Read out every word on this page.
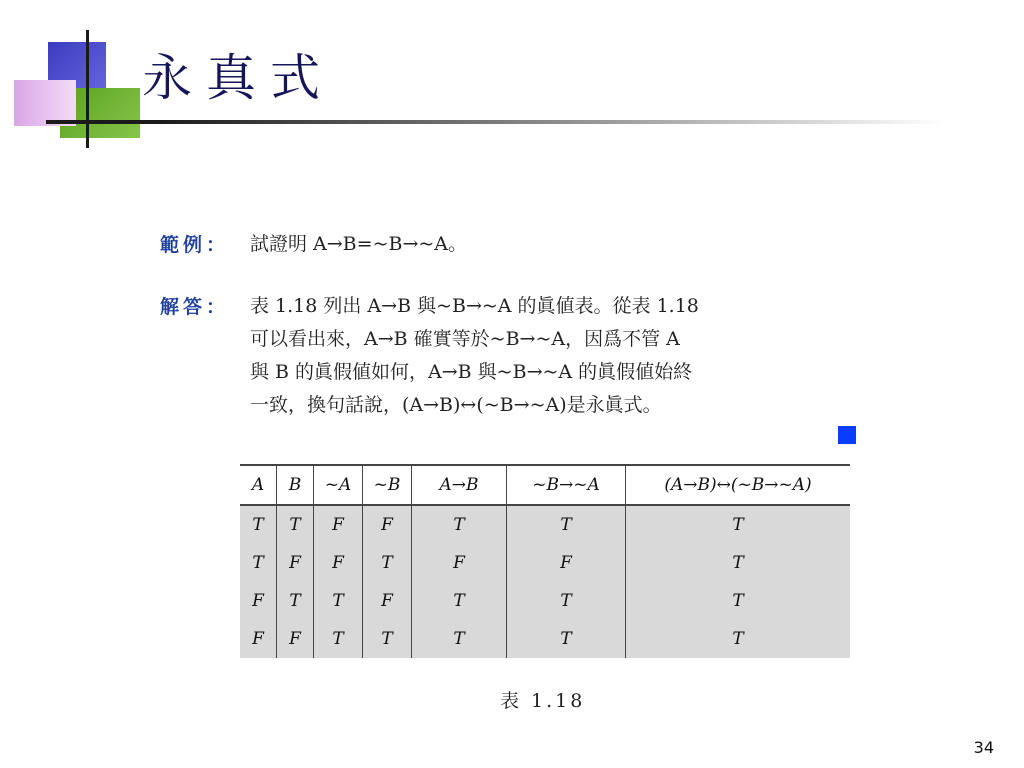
永真式
範例： 試證明 A→B=~B→~A。
解答： 表 1.18 列出 A→B 與~B→~A 的眞値表。從表 1.18
可以看出來，A→B 確實等於~B→~A，因爲不管 A
與 B 的眞假値如何，A→B 與~B→~A 的眞假値始終
一致，換句話說，(A→B)↔(~B→~A)是永眞式。
A	B	~A	~B	A→B	~B→~A	(A→B)↔(~B→~A)
T	T	F	F	T	T	T
T	F	F	T	F	F	T
F	T	T	F	T	T	T
F	F	T	T	T	T	T
表 1.18
34
